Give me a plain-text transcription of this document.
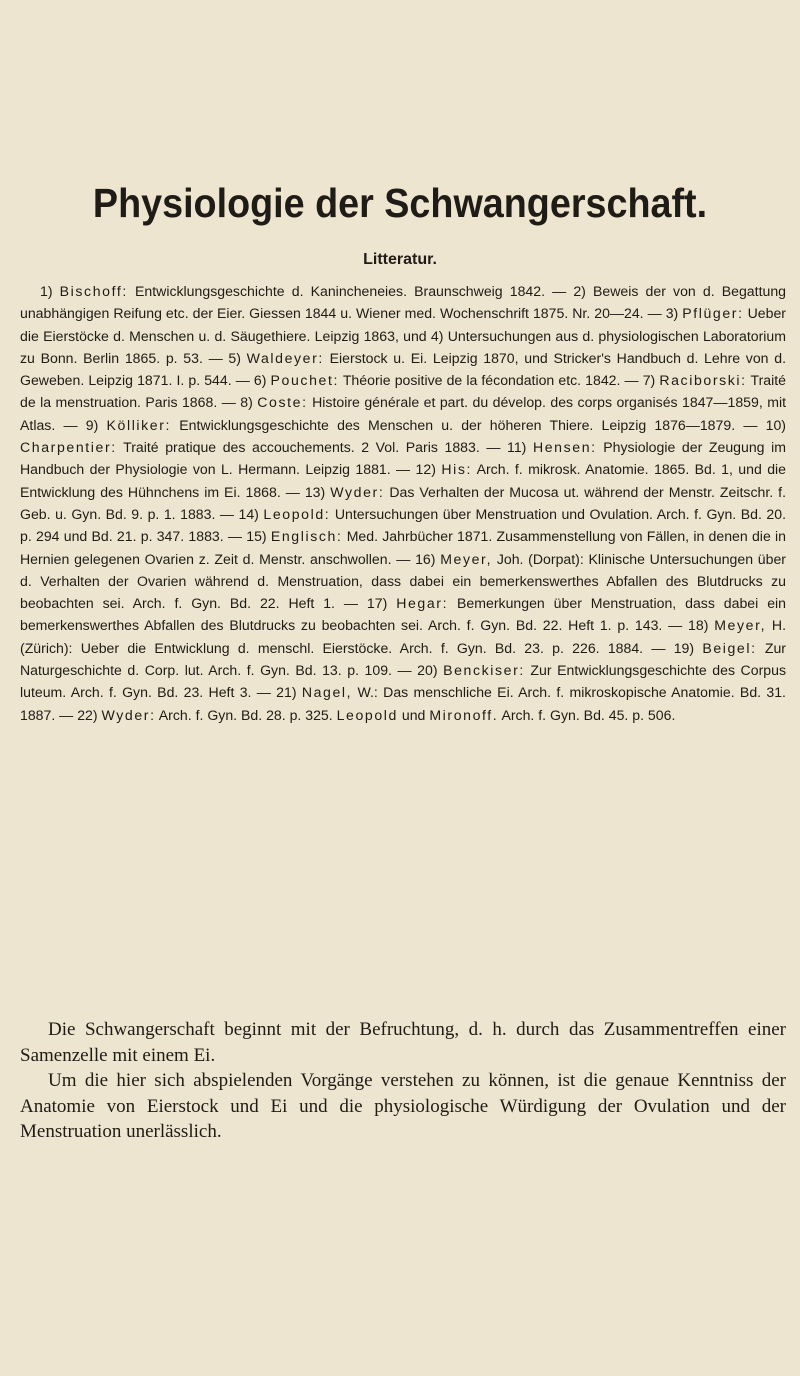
Physiologie der Schwangerschaft.
Litteratur.

1) Bischoff: Entwicklungsgeschichte d. Kanincheneies. Braunschweig 1842. — 2) Beweis der von d. Begattung unabhängigen Reifung etc. der Eier. Giessen 1844 u. Wiener med. Wochenschrift 1875. Nr. 20—24. — 3) Pflüger: Ueber die Eierstöcke d. Menschen u. d. Säugethiere. Leipzig 1863, und 4) Untersuchungen aus d. physiologischen Laboratorium zu Bonn. Berlin 1865. p. 53. — 5) Waldeyer: Eierstock u. Ei. Leipzig 1870, und Stricker's Handbuch d. Lehre von d. Geweben. Leipzig 1871. I. p. 544. — 6) Pouchet: Théorie positive de la fécondation etc. 1842. — 7) Raciborski: Traité de la menstruation. Paris 1868. — 8) Coste: Histoire générale et part. du dévelop. des corps organisés 1847—1859, mit Atlas. — 9) Kölliker: Entwicklungsgeschichte des Menschen u. der höheren Thiere. Leipzig 1876—1879. — 10) Charpentier: Traité pratique des accouchements. 2 Vol. Paris 1883. — 11) Hensen: Physiologie der Zeugung im Handbuch der Physiologie von L. Hermann. Leipzig 1881. — 12) His: Arch. f. mikrosk. Anatomie. 1865. Bd. 1, und die Entwicklung des Hühnchens im Ei. 1868. — 13) Wyder: Das Verhalten der Mucosa ut. während der Menstr. Zeitschr. f. Geb. u. Gyn. Bd. 9. p. 1. 1883. — 14) Leopold: Untersuchungen über Menstruation und Ovulation. Arch. f. Gyn. Bd. 20. p. 294 und Bd. 21. p. 347. 1883. — 15) Englisch: Med. Jahrbücher 1871. Zusammenstellung von Fällen, in denen die in Hernien gelegenen Ovarien z. Zeit d. Menstr. anschwollen. — 16) Meyer, Joh. (Dorpat): Klinische Untersuchungen über d. Verhalten der Ovarien während d. Menstruation, dass dabei ein bemerkenswerthes Abfallen des Blutdrucks zu beobachten sei. Arch. f. Gyn. Bd. 22. Heft 1. — 17) Hegar: Bemerkungen über Menstruation, dass dabei ein bemerkenswerthes Abfallen des Blutdrucks zu beobachten sei. Arch. f. Gyn. Bd. 22. Heft 1. p. 143. — 18) Meyer, H. (Zürich): Ueber die Entwicklung d. menschl. Eierstöcke. Arch. f. Gyn. Bd. 23. p. 226. 1884. — 19) Beigel: Zur Naturgeschichte d. Corp. lut. Arch. f. Gyn. Bd. 13. p. 109. — 20) Benckiser: Zur Entwicklungsgeschichte des Corpus luteum. Arch. f. Gyn. Bd. 23. Heft 3. — 21) Nagel, W.: Das menschliche Ei. Arch. f. mikroskopische Anatomie. Bd. 31. 1887. — 22) Wyder: Arch. f. Gyn. Bd. 28. p. 325. Leopold und Mironoff. Arch. f. Gyn. Bd. 45. p. 506.

Die Schwangerschaft beginnt mit der Befruchtung, d. h. durch das Zusammentreffen einer Samenzelle mit einem Ei.

Um die hier sich abspielenden Vorgänge verstehen zu können, ist die genaue Kenntniss der Anatomie von Eierstock und Ei und die physiologische Würdigung der Ovulation und der Menstruation unerlässlich.
